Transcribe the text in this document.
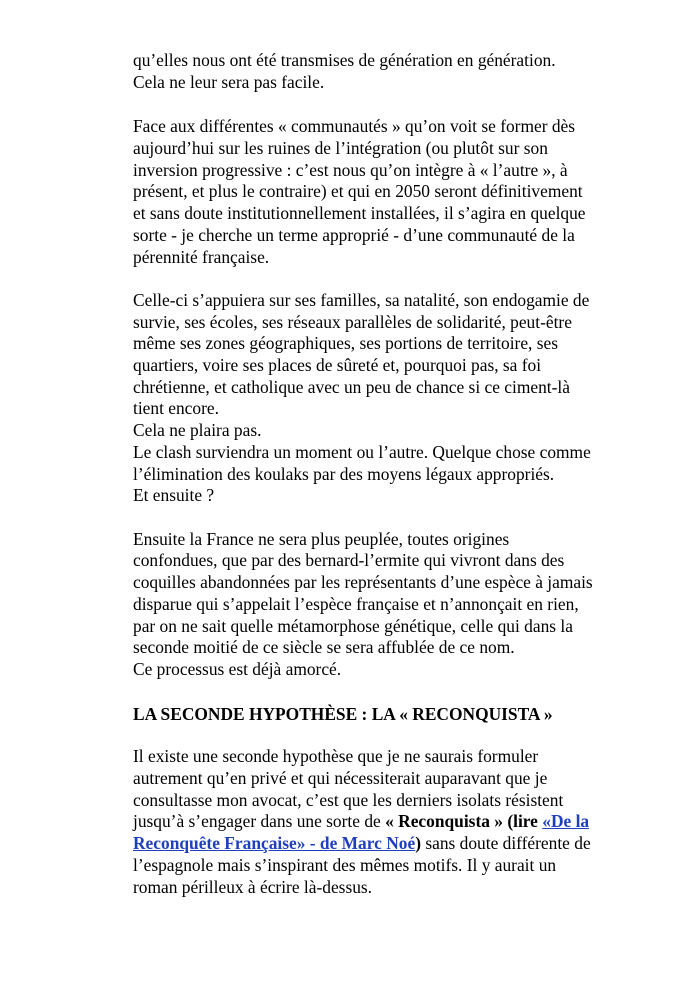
qu’elles nous ont été transmises de génération en génération.
Cela ne leur sera pas facile.
Face aux différentes « communautés » qu’on voit se former dès
aujourd’hui sur les ruines de l’intégration (ou plutôt sur son
inversion progressive : c’est nous qu’on intègre à « l’autre », à
présent, et plus le contraire) et qui en 2050 seront définitivement
et sans doute institutionnellement installées, il s’agira en quelque
sorte - je cherche un terme approprié - d’une communauté de la
pérennité française.
Celle-ci s’appuiera sur ses familles, sa natalité, son endogamie de
survie, ses écoles, ses réseaux parallèles de solidarité, peut-être
même ses zones géographiques, ses portions de territoire, ses
quartiers, voire ses places de sûreté et, pourquoi pas, sa foi
chrétienne, et catholique avec un peu de chance si ce ciment-là
tient encore.
Cela ne plaira pas.
Le clash surviendra un moment ou l’autre. Quelque chose comme
l’élimination des koulaks par des moyens légaux appropriés.
Et ensuite ?
Ensuite la France ne sera plus peuplée, toutes origines
confondues, que par des bernard-l’ermite qui vivront dans des
coquilles abandonnées par les représentants d’une espèce à jamais
disparue qui s’appelait l’espèce française et n’annonçait en rien,
par on ne sait quelle métamorphose génétique, celle qui dans la
seconde moitié de ce siècle se sera affublée de ce nom.
Ce processus est déjà amorcé.
LA SECONDE HYPOTHÈSE : LA « RECONQUISTA »
Il existe une seconde hypothèse que je ne saurais formuler
autrement qu’en privé et qui nécessiterait auparavant que je
consultasse mon avocat, c’est que les derniers isolats résistent
jusqu’à s’engager dans une sorte de « Reconquista » (lire «De la
Reconquête Française» - de Marc Noé) sans doute différente de
l’espagnole mais s’inspirant des mêmes motifs. Il y aurait un
roman périlleux à écrire là-dessus.
